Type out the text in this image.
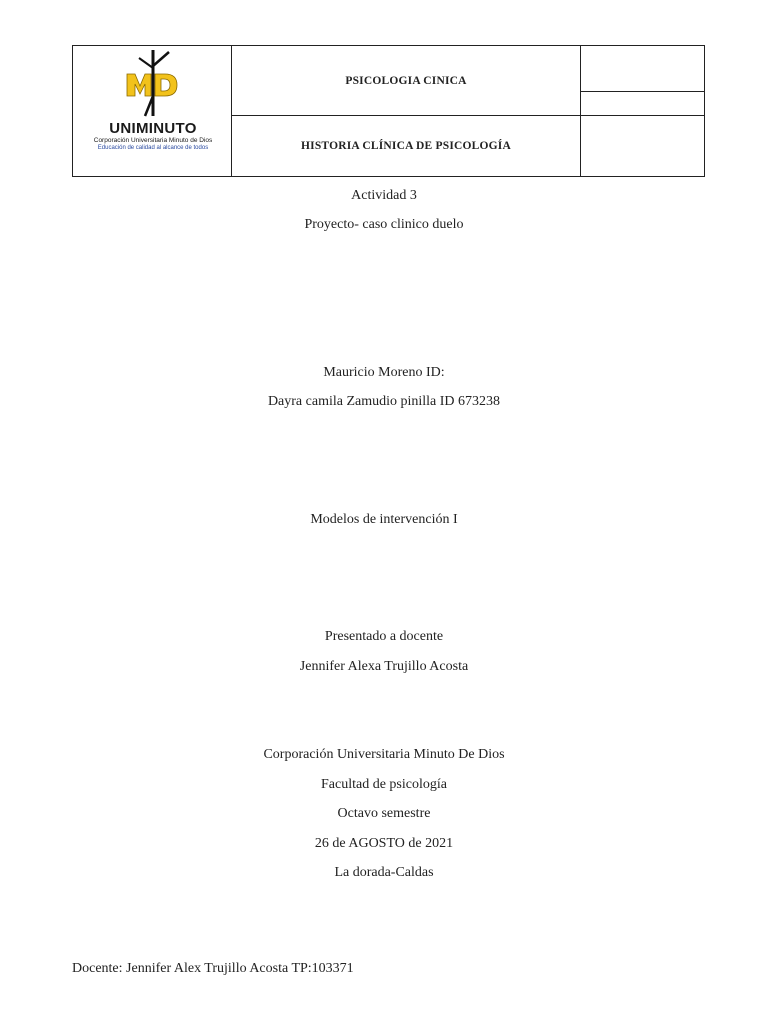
UNIMINUTO
Corporación Universitaria Minuto de Dios
Educación de calidad al alcance de todos	PSICOLOGIA CINICA	

	HISTORIA CLÍNICA DE PSICOLOGÍA	
Actividad 3
Proyecto- caso clinico duelo
Mauricio Moreno ID:
Dayra camila Zamudio pinilla ID 673238
Modelos de intervención I
Presentado a docente
Jennifer Alexa Trujillo Acosta
Corporación Universitaria Minuto De Dios
Facultad de psicología
Octavo semestre
26 de AGOSTO de 2021
La dorada-Caldas
Docente: Jennifer Alex Trujillo Acosta TP:103371
